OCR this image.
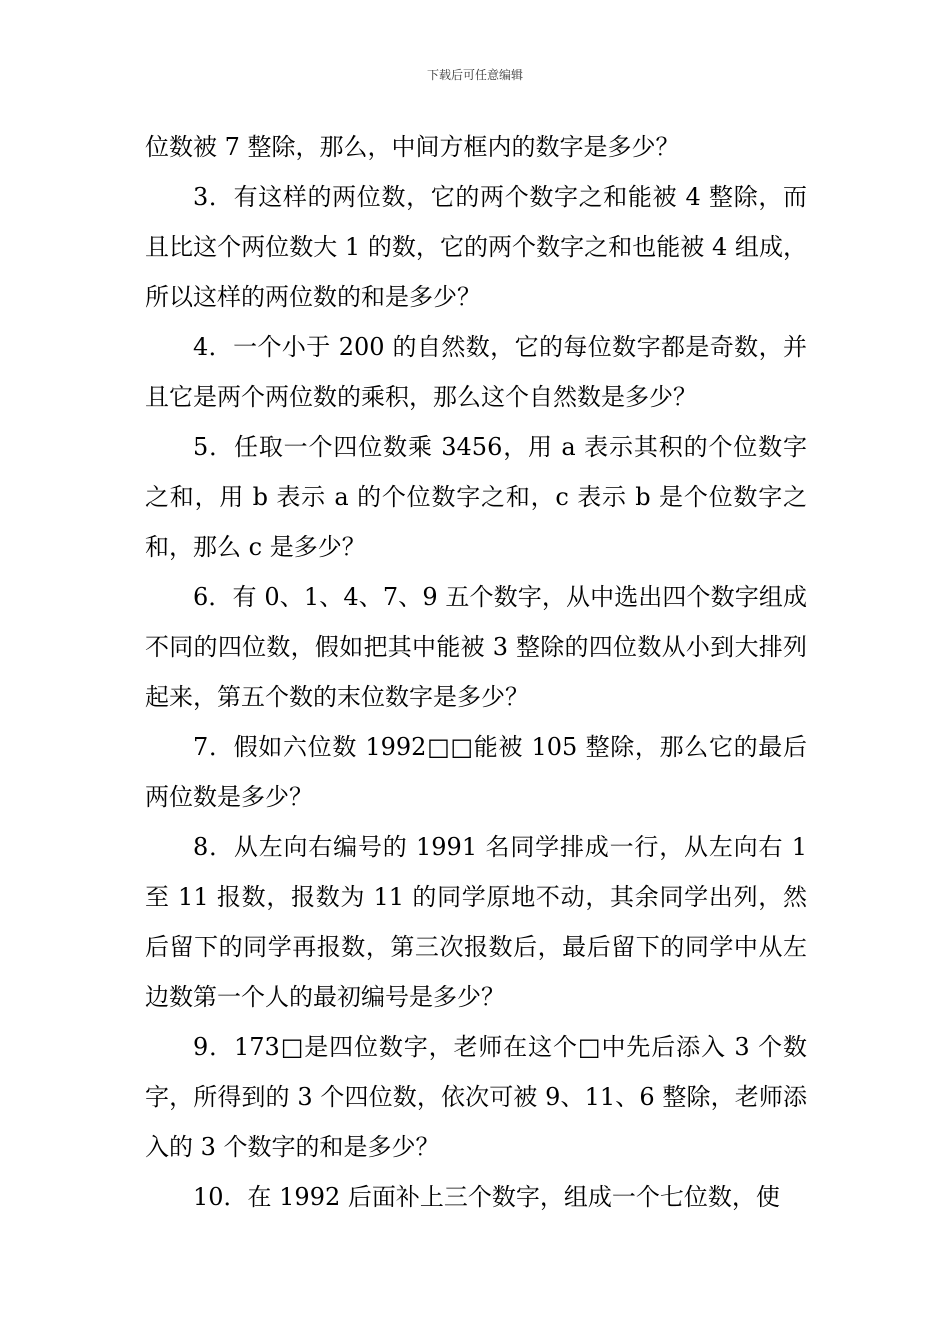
下载后可任意编辑

位数被 7 整除，那么，中间方框内的数字是多少？

3．有这样的两位数，它的两个数字之和能被 4 整除，而且比这个两位数大 1 的数，它的两个数字之和也能被 4 组成，所以这样的两位数的和是多少？

4．一个小于 200 的自然数，它的每位数字都是奇数，并且它是两个两位数的乘积，那么这个自然数是多少？

5．任取一个四位数乘 3456，用 a 表示其积的个位数字之和，用 b 表示 a 的个位数字之和，c 表示 b 是个位数字之和，那么 c 是多少？

6．有 0、1、4、7、9 五个数字，从中选出四个数字组成不同的四位数，假如把其中能被 3 整除的四位数从小到大排列起来，第五个数的末位数字是多少？

7．假如六位数 1992□□能被 105 整除，那么它的最后两位数是多少？

8．从左向右编号的 1991 名同学排成一行，从左向右 1 至 11 报数，报数为 11 的同学原地不动，其余同学出列，然后留下的同学再报数，第三次报数后，最后留下的同学中从左边数第一个人的最初编号是多少？

9．173□是四位数字，老师在这个□中先后添入 3 个数字，所得到的 3 个四位数，依次可被 9、11、6 整除，老师添入的 3 个数字的和是多少？

10．在 1992 后面补上三个数字，组成一个七位数，使
